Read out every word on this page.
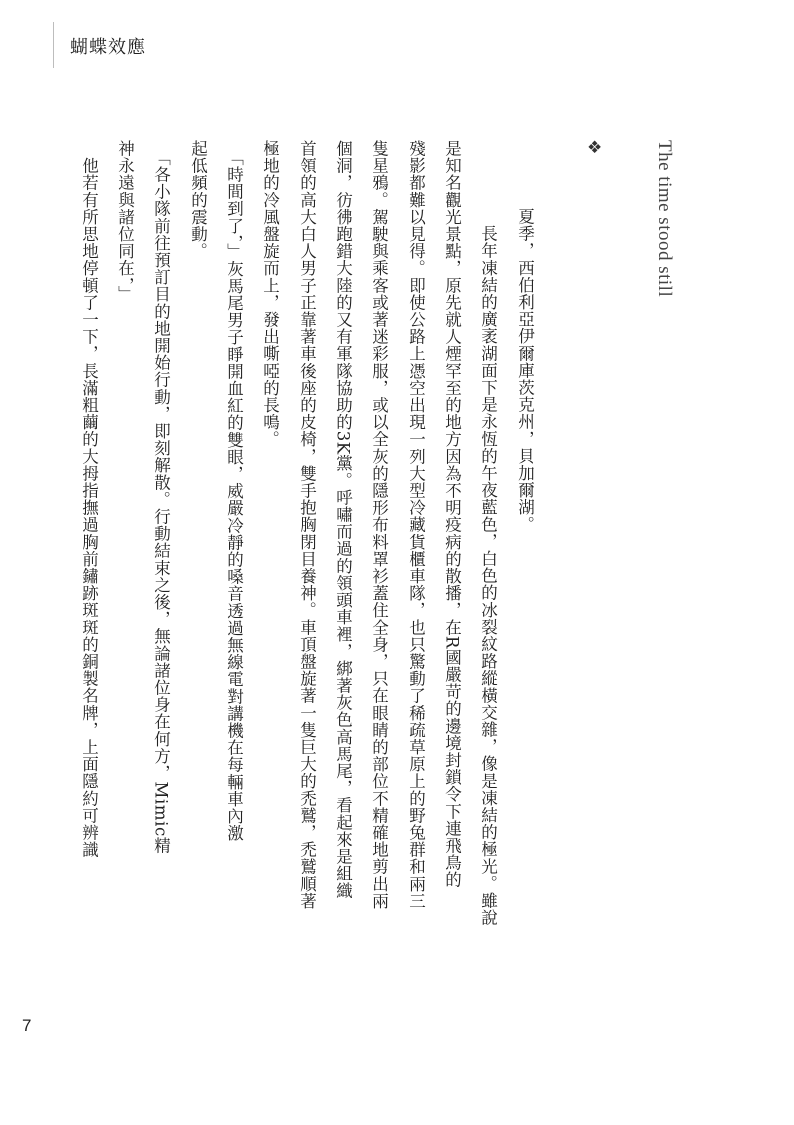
蝴蝶效應
The time stood still
❖
夏季，西伯利亞伊爾庫茨克州，貝加爾湖。
　長年凍結的廣袤湖面下是永恆的午夜藍色，白色的冰裂紋路縱橫交雜，像是凍結的極光。雖說
是知名觀光景點，原先就人煙罕至的地方因為不明疫病的散播，在R國嚴苛的邊境封鎖令下連飛鳥的
殘影都難以見得。即使公路上憑空出現一列大型冷藏貨櫃車隊，也只驚動了稀疏草原上的野兔群和兩三
隻星鴉。駕駛與乘客或著迷彩服，或以全灰的隱形布料罩衫蓋住全身，只在眼睛的部位不精確地剪出兩
個洞，彷彿跑錯大陸的又有軍隊協助的3K黨。呼嘯而過的領頭車裡，綁著灰色高馬尾，看起來是組織
首領的高大白人男子正靠著車後座的皮椅，雙手抱胸閉目養神。車頂盤旋著一隻巨大的禿鷲，禿鷲順著
極地的冷風盤旋而上，發出嘶啞的長鳴。
　「時間到了，」灰馬尾男子睜開血紅的雙眼，威嚴冷靜的嗓音透過無線電對講機在每輛車內激
起低頻的震動。
　「各小隊前往預訂目的地開始行動，即刻解散。行動結束之後，無論諸位身在何方，Mimic精
神永遠與諸位同在，」
　他若有所思地停頓了一下，長滿粗繭的大拇指撫過胸前鏽跡斑斑的銅製名牌，上面隱約可辨識
7
